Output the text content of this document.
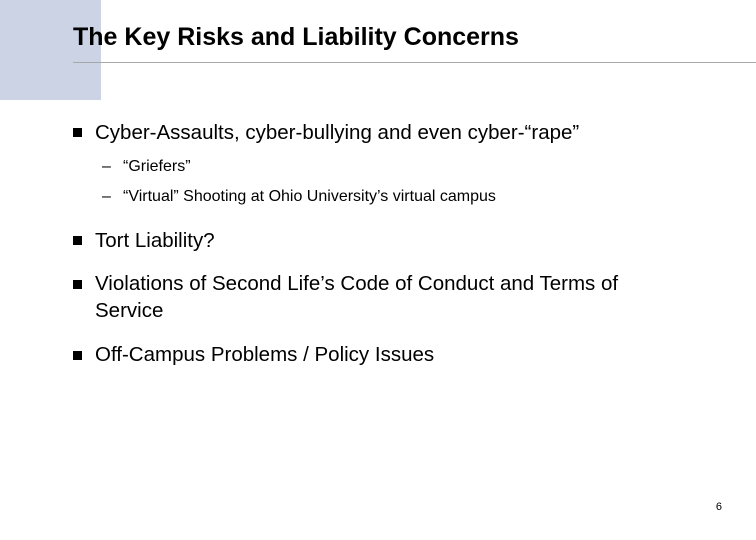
The Key Risks and Liability Concerns
Cyber-Assaults, cyber-bullying and even cyber-“rape”
– “Griefers”
– “Virtual” Shooting at Ohio University’s virtual campus
Tort Liability?
Violations of Second Life’s Code of Conduct and Terms of
Service
Off-Campus Problems / Policy Issues
6
